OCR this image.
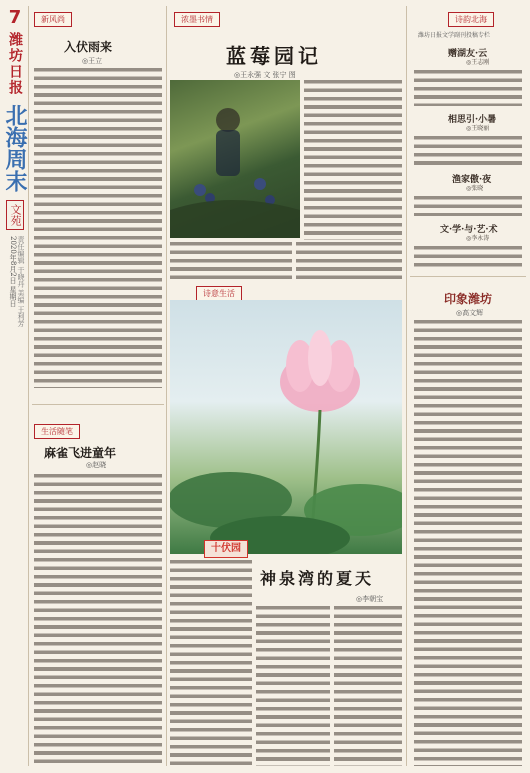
7
潍坊日报
北海周末
文苑
2020年8月2日 星期日 责任编辑 于晓丹 美编 王利芳
新风尚
入伏雨来
◎王立
生活随笔
麻雀飞进童年
◎赵晓
浓墨书情
蓝莓园记
◎王永强 文 张宁 图
诗意生活
十伏园
神泉湾的夏天
◎李朝宝
诗韵北海
潍坊日报文学副刊投稿专栏
赠湖友·云
◎王志刚
相思引·小暑
◎王晓丽
渔家傲·夜
◎张晓
文·学·与·艺·术
◎李永涛
印象潍坊
◎高文辉
